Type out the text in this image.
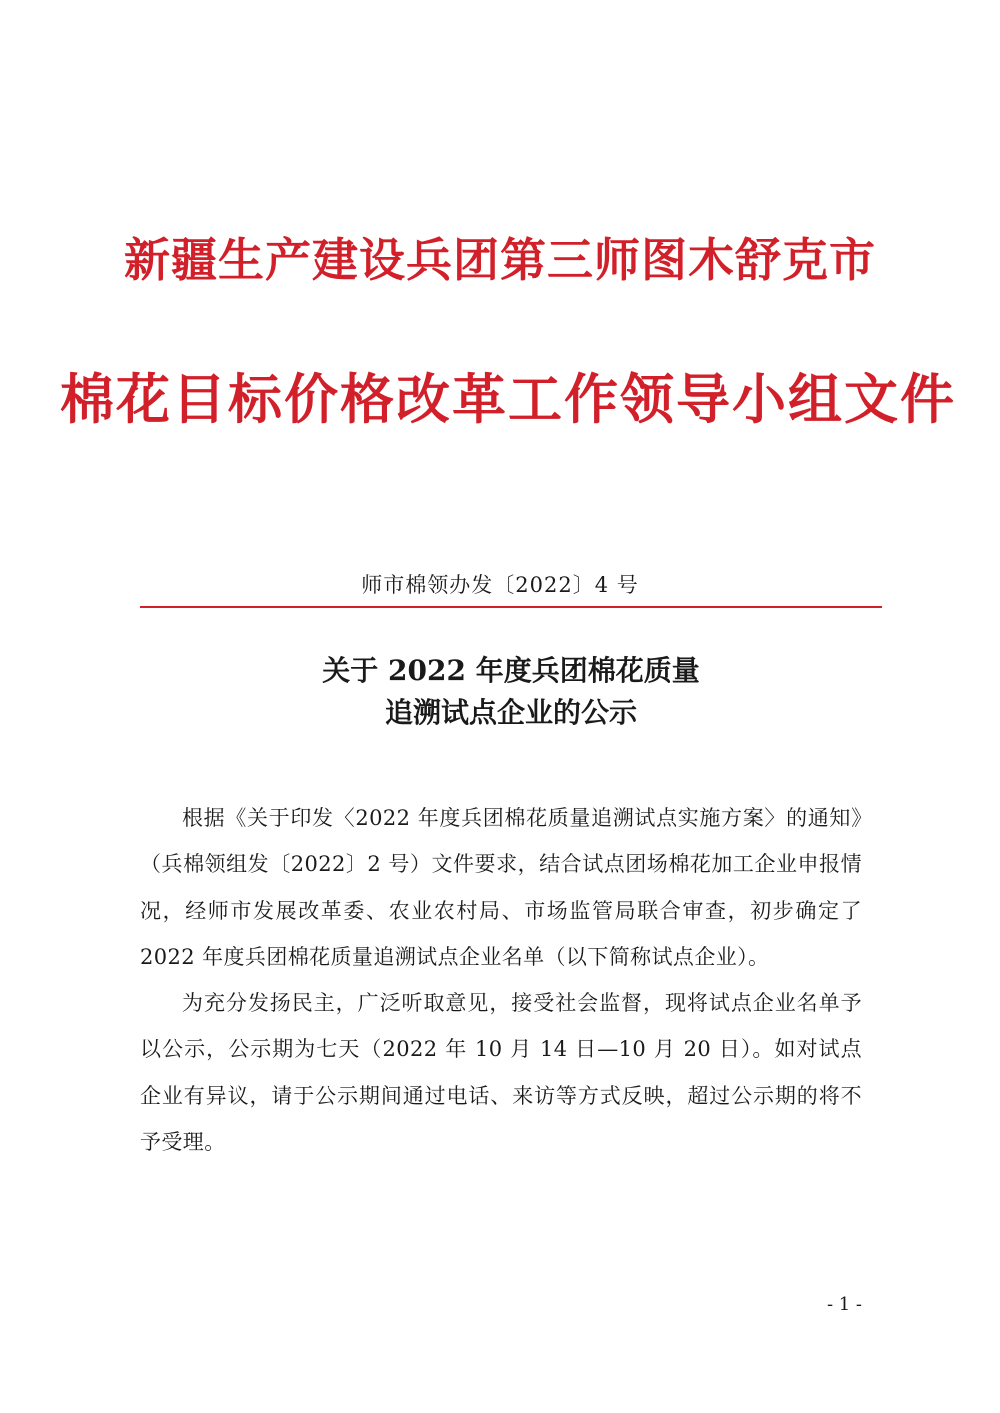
新疆生产建设兵团第三师图木舒克市
棉花目标价格改革工作领导小组文件
师市棉领办发〔2022〕4 号
关于 2022 年度兵团棉花质量
追溯试点企业的公示

根据《关于印发〈2022 年度兵团棉花质量追溯试点实施方案〉的通知》（兵棉领组发〔2022〕2 号）文件要求，结合试点团场棉花加工企业申报情况，经师市发展改革委、农业农村局、市场监管局联合审查，初步确定了 2022 年度兵团棉花质量追溯试点企业名单（以下简称试点企业）。

为充分发扬民主，广泛听取意见，接受社会监督，现将试点企业名单予以公示，公示期为七天（2022 年 10 月 14 日—10 月 20 日）。如对试点企业有异议，请于公示期间通过电话、来访等方式反映，超过公示期的将不予受理。

- 1 -
